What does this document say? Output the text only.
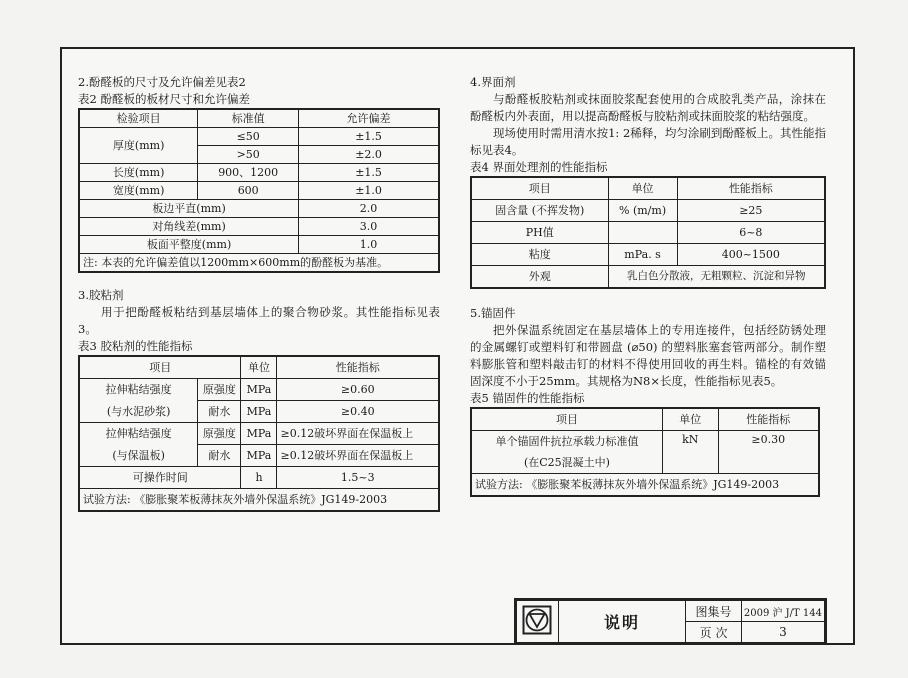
2.酚醛板的尺寸及允许偏差见表2

表2 酚醛板的板材尺寸和允许偏差

检验项目	标准值	允许偏差
厚度(mm)	≤50	±1.5
	>50	±2.0
长度(mm)	900、1200	±1.5
宽度(mm)	600	±1.0
板边平直(mm)		2.0
对角线差(mm)		3.0
板面平整度(mm)		1.0
注: 本表的允许偏差值以1200mm×600mm的酚醛板为基准。		

3.胶粘剂

用于把酚醛板粘结到基层墙体上的聚合物砂浆。其性能指标见表3。

表3 胶粘剂的性能指标

项目		单位	性能指标
拉伸粘结强度	原强度	MPa	≥0.60
(与水泥砂浆)	耐水	MPa	≥0.40
拉伸粘结强度	原强度	MPa	≥0.12破坏界面在保温板上
(与保温板)	耐水	MPa	≥0.12破坏界面在保温板上
可操作时间		h	1.5~3
试验方法: 《膨胀聚苯板薄抹灰外墙外保温系统》JG149-2003			

4.界面剂

与酚醛板胶粘剂或抹面胶浆配套使用的合成胶乳类产品，涂抹在酚醛板内外表面，用以提高酚醛板与胶粘剂或抹面胶浆的粘结强度。

现场使用时需用清水按1: 2稀释，均匀涂刷到酚醛板上。其性能指标见表4。

表4 界面处理剂的性能指标

项目	单位	性能指标
固含量 (不挥发物)	% (m/m)	≥25
PH值		6~8
粘度	mPa. s	400~1500
外观	乳白色分散液，无粗颗粒、沉淀和异物	

5.锚固件

把外保温系统固定在基层墙体上的专用连接件，包括经防锈处理的金属螺钉或塑料钉和带圆盘 (⌀50) 的塑料胀塞套管两部分。制作塑料膨胀管和塑料敲击钉的材料不得使用回收的再生料。锚栓的有效锚固深度不小于25mm。其规格为N8×长度，性能指标见表5。

表5 锚固件的性能指标

项目	单位	性能指标
单个锚固件抗拉承载力标准值	kN	≥0.30
(在C25混凝土中)		
试验方法: 《膨胀聚苯板薄抹灰外墙外保温系统》JG149-2003		
	说明	图集号	2009 沪 J/T 144
		页 次	3
